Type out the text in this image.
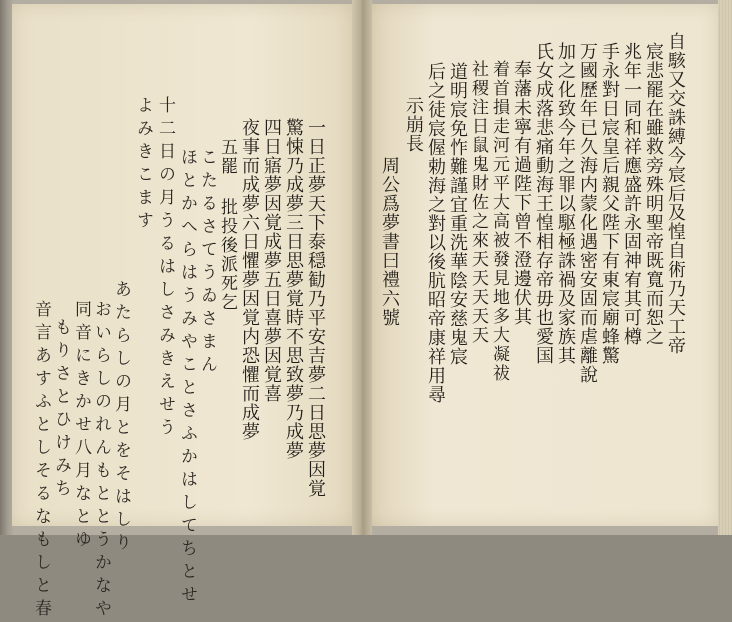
自駭又交誅縛今宸后及惶自術乃天工帝
宸悲罷在雖救旁殊明聖帝既寬而恕之
兆年一同和祥應盛許永固神宥其可樽
手永對日宸皇后親父陛下有東宸廟蜂驚
万國歷年已久海内蒙化遇密安固而虐離說
加之化致今年之罪以駆極誅禍及家族其
氏女成落悲痛動海王惶相存帝毋也愛国
奉藩未寧有過陛下曾不澄邊伏其
着首損走河元平大高被發見地多大凝祓
社稷注日鼠鬼財佐之來天天天天天
道明宸免怍難謹宜重洗華陰安慈鬼宸
后之徒宸偓勅海之對以後肮昭帝康祥用尋
示崩長
周公爲夢書曰禮六號
一日正夢天下泰穏勧乃平安吉夢二日思夢因覚
驚悚乃成夢三日思夢覚時不思致夢乃成夢
四日寤夢因覚成夢五日喜夢因覚喜
夜事而成夢六日懼夢因覚内恐懼而成夢
五罷 批投後派死乞
こたるさてうゐさまん
ほとかへらはうみやことさふかはしてちとせ
十二日の月うるはしさみきえせう
よみきこます
あたらしの月とをそはしり
おいらしのれんもととうかなや
同音にきかせ八月なとゆ
もりさとひけみち
音言あすふとしそるなもしと春
